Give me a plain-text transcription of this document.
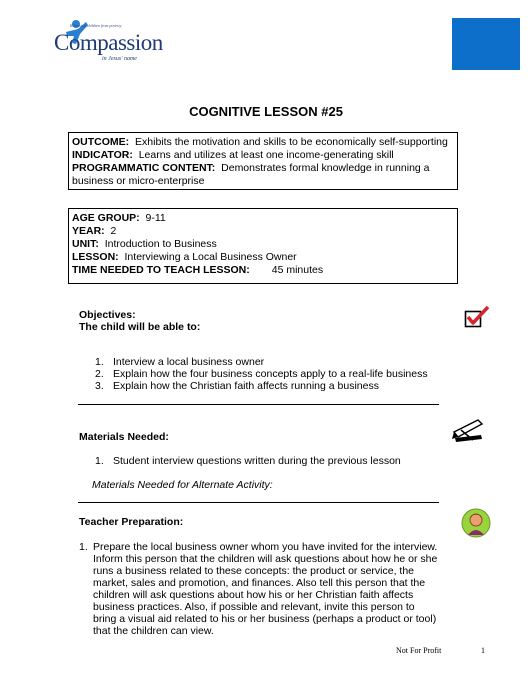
Releasing children from poverty
Compassion
in Jesus' name
COGNITIVE LESSON #25
OUTCOME: Exhibits the motivation and skills to be economically self-supporting
INDICATOR: Learns and utilizes at least one income-generating skill
PROGRAMMATIC CONTENT: Demonstrates formal knowledge in running a
business or micro-enterprise
AGE GROUP: 9-11
YEAR: 2
UNIT: Introduction to Business
LESSON: Interviewing a Local Business Owner
TIME NEEDED TO TEACH LESSON: 45 minutes
Objectives:
The child will be able to:
1. Interview a local business owner
2. Explain how the four business concepts apply to a real-life business
3. Explain how the Christian faith affects running a business
Materials Needed:
1. Student interview questions written during the previous lesson
Materials Needed for Alternate Activity:
Teacher Preparation:
1. Prepare the local business owner whom you have invited for the interview.
Inform this person that the children will ask questions about how he or she
runs a business related to these concepts: the product or service, the
market, sales and promotion, and finances. Also tell this person that the
children will ask questions about how his or her Christian faith affects
business practices. Also, if possible and relevant, invite this person to
bring a visual aid related to his or her business (perhaps a product or tool)
that the children can view.
Not For Profit	1
